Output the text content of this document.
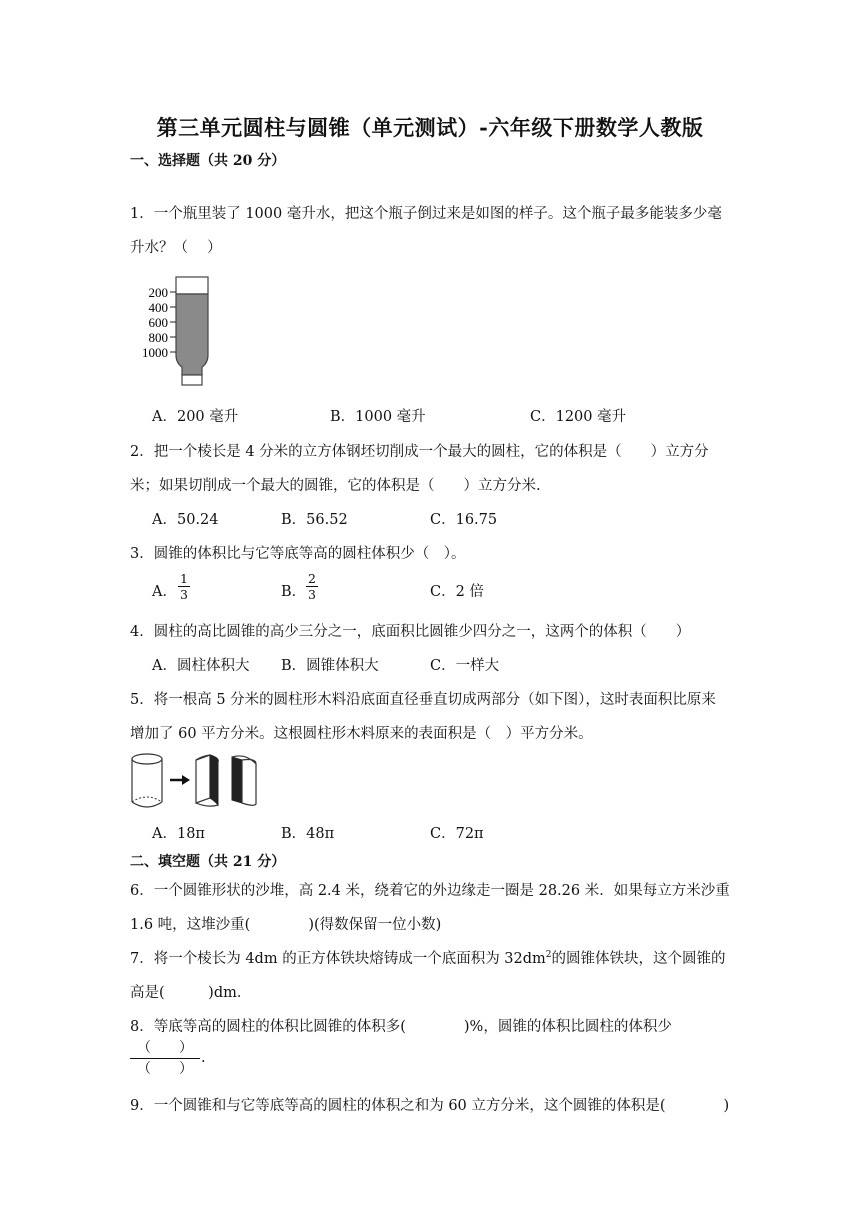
第三单元圆柱与圆锥（单元测试）-六年级下册数学人教版
一、选择题（共 20 分）
1．一个瓶里装了 1000 毫升水，把这个瓶子倒过来是如图的样子。这个瓶子最多能装多少毫
升水？（　 ）
200
400
600
800
1000
A．200 毫升	B．1000 毫升	C．1200 毫升
2．把一个棱长是 4 分米的立方体钢坯切削成一个最大的圆柱，它的体积是（　　）立方分
米；如果切削成一个最大的圆锥，它的体积是（　　）立方分米.
A．50.24	B．56.52	C．16.75
3．圆锥的体积比与它等底等高的圆柱体积少（　）。
A．
1
3	B．
2
3	C．2 倍
4．圆柱的高比圆锥的高少三分之一，底面积比圆锥少四分之一，这两个的体积（　　）
A．圆柱体积大 B．圆锥体积大	C．一样大
5．将一根高 5 分米的圆柱形木料沿底面直径垂直切成两部分（如下图），这时表面积比原来
增加了 60 平方分米。这根圆柱形木料原来的表面积是（　）平方分米。
A．18π	B．48π	C．72π
二、填空题（共 21 分）
6．一个圆锥形状的沙堆，高 2.4 米，绕着它的外边缘走一圈是 28.26 米．如果每立方米沙重
1.6 吨，这堆沙重(　　　　)(得数保留一位小数)
7．将一个棱长为 4dm 的正方体铁块熔铸成一个底面积为 $32dm^2$的圆锥体铁块，这个圆锥的
高是(　　　)dm．
8．等底等高的圆柱的体积比圆锥的体积多(　　　　)%，圆锥的体积比圆柱的体积少
（　　）
（　　）
.
9．一个圆锥和与它等底等高的圆柱的体积之和为 60 立方分米，这个圆锥的体积是(　　　　)
